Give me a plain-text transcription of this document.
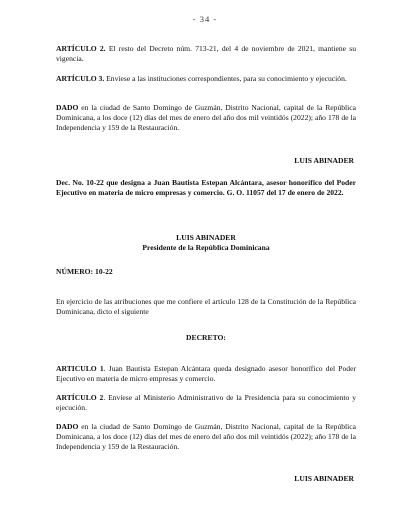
- 34 -
ARTÍCULO 2. El resto del Decreto núm. 713-21, del 4 de noviembre de 2021, mantiene su vigencia.
ARTÍCULO 3. Envíese a las instituciones correspondientes, para su conocimiento y ejecución.
DADO en la ciudad de Santo Domingo de Guzmán, Distrito Nacional, capital de la República Dominicana, a los doce (12) días del mes de enero del año dos mil veintidós (2022); año 178 de la Independencia y 159 de la Restauración.
LUIS ABINADER
Dec. No. 10-22 que designa a Juan Bautista Estepan Alcántara, asesor honorífico del Poder Ejecutivo en materia de micro empresas y comercio. G. O. 11057 del 17 de enero de 2022.
LUIS ABINADER
Presidente de la República Dominicana
NÚMERO: 10-22
En ejercicio de las atribuciones que me confiere el artículo 128 de la Constitución de la República Dominicana, dicto el siguiente
DECRETO:
ARTICULO 1. Juan Bautista Estepan Alcántara queda designado asesor honorífico del Poder Ejecutivo en materia de micro empresas y comercio.
ARTÍCULO 2. Envíese al Ministerio Administrativo de la Presidencia para su conocimiento y ejecución.
DADO en la ciudad de Santo Domingo de Guzmán, Distrito Nacional, capital de la República Dominicana, a los doce (12) días del mes de enero del año dos mil veintidós (2022); año 178 de la Independencia y 159 de la Restauración.
LUIS ABINADER
